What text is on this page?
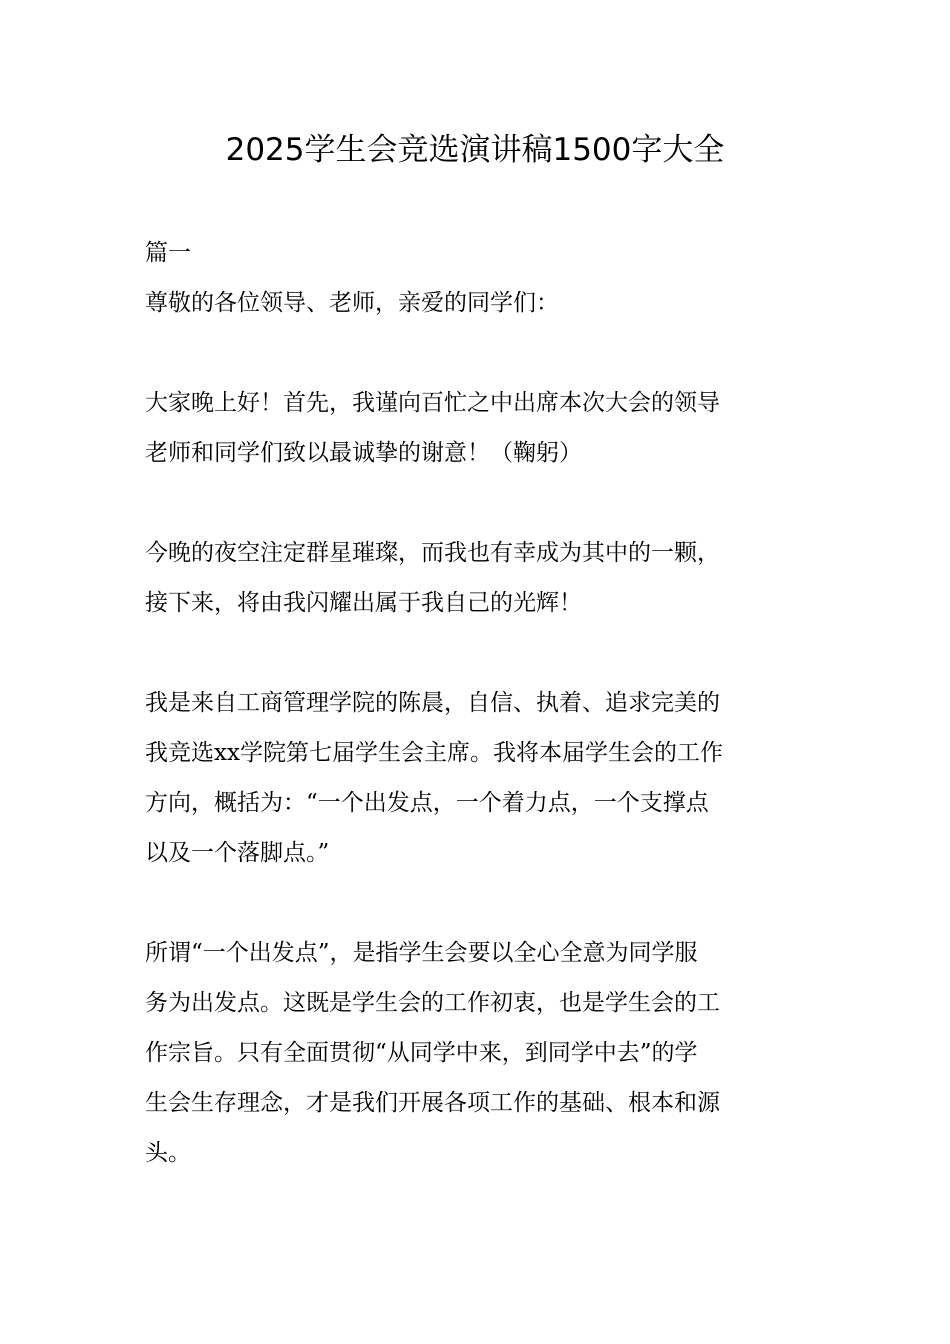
2025学生会竞选演讲稿1500字大全

篇一

尊敬的各位领导、老师，亲爱的同学们：

大家晚上好！首先，我谨向百忙之中出席本次大会的领导
老师和同学们致以最诚挚的谢意！（鞠躬）

今晚的夜空注定群星璀璨，而我也有幸成为其中的一颗，
接下来，将由我闪耀出属于我自己的光辉！

我是来自工商管理学院的陈晨，自信、执着、追求完美的
我竞选xx学院第七届学生会主席。我将本届学生会的工作
方向，概括为：“一个出发点，一个着力点，一个支撑点
以及一个落脚点。”

所谓“一个出发点”，是指学生会要以全心全意为同学服
务为出发点。这既是学生会的工作初衷，也是学生会的工
作宗旨。只有全面贯彻“从同学中来，到同学中去”的学
生会生存理念，才是我们开展各项工作的基础、根本和源
头。
